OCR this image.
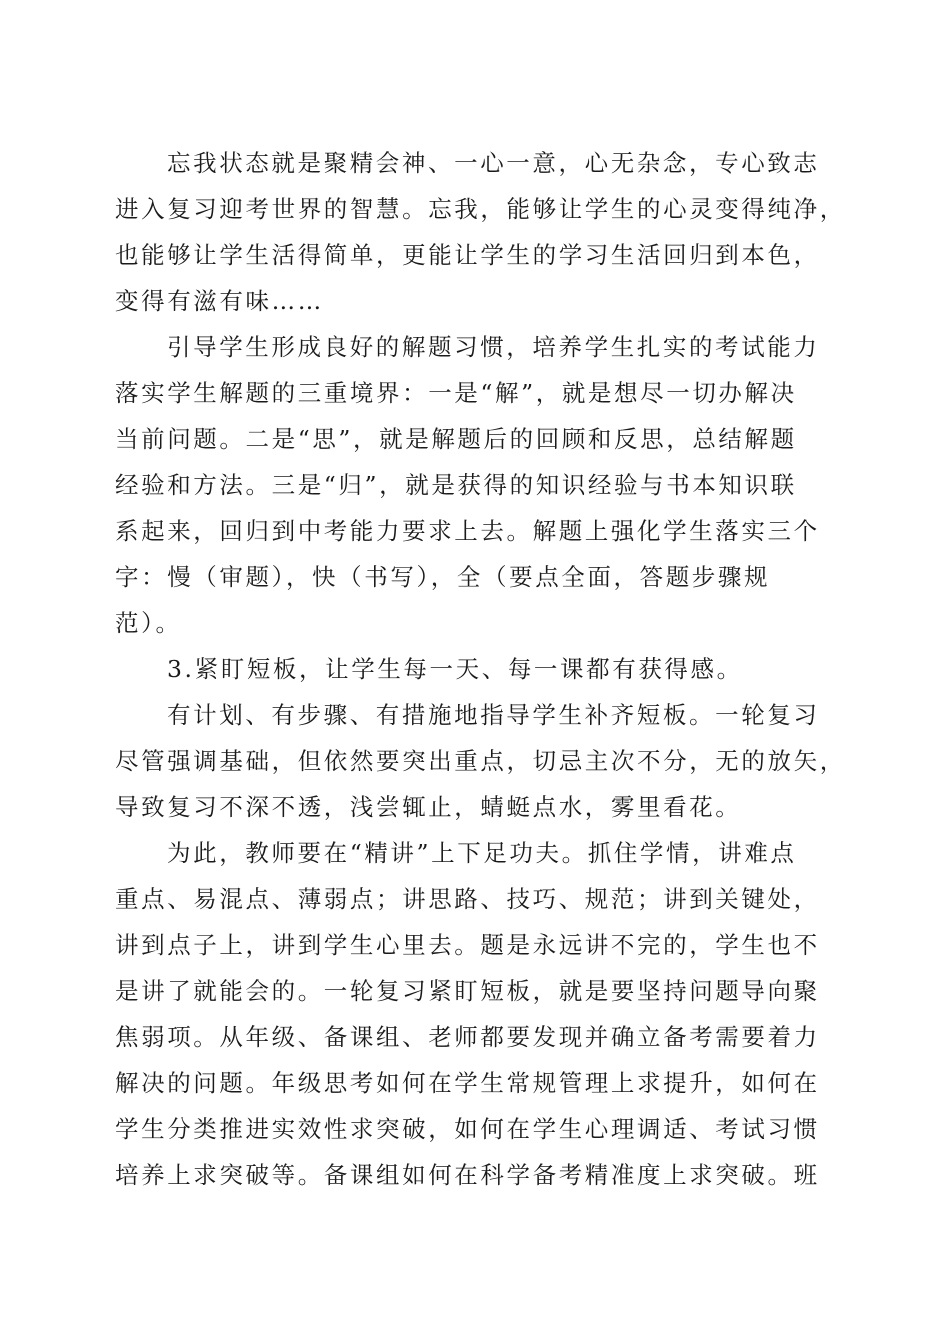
忘我状态就是聚精会神、一心一意，心无杂念，专心致志
进入复习迎考世界的智慧。忘我，能够让学生的心灵变得纯净，
也能够让学生活得简单，更能让学生的学习生活回归到本色，
变得有滋有味……
引导学生形成良好的解题习惯，培养学生扎实的考试能力
落实学生解题的三重境界：一是“解”，就是想尽一切办解决
当前问题。二是“思”，就是解题后的回顾和反思，总结解题
经验和方法。三是“归”，就是获得的知识经验与书本知识联
系起来，回归到中考能力要求上去。解题上强化学生落实三个
字：慢（审题），快（书写），全（要点全面，答题步骤规
范）。
3.紧盯短板，让学生每一天、每一课都有获得感。
有计划、有步骤、有措施地指导学生补齐短板。一轮复习
尽管强调基础，但依然要突出重点，切忌主次不分，无的放矢，
导致复习不深不透，浅尝辄止，蜻蜓点水，雾里看花。
为此，教师要在“精讲”上下足功夫。抓住学情，讲难点
重点、易混点、薄弱点；讲思路、技巧、规范；讲到关键处，
讲到点子上，讲到学生心里去。题是永远讲不完的，学生也不
是讲了就能会的。一轮复习紧盯短板，就是要坚持问题导向聚
焦弱项。从年级、备课组、老师都要发现并确立备考需要着力
解决的问题。年级思考如何在学生常规管理上求提升，如何在
学生分类推进实效性求突破，如何在学生心理调适、考试习惯
培养上求突破等。备课组如何在科学备考精准度上求突破。班
